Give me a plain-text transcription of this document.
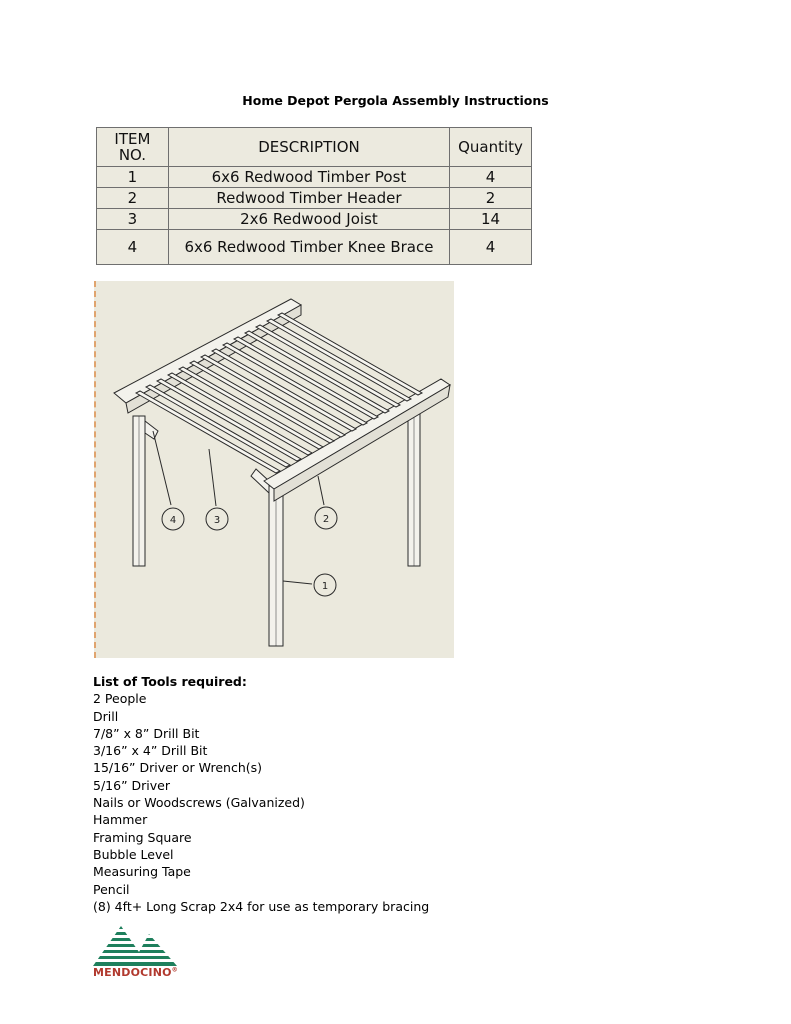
Home Depot Pergola Assembly Instructions
ITEM
NO.	DESCRIPTION	Quantity
1	6x6 Redwood Timber Post	4
2	Redwood Timber Header	2
3	2x6 Redwood Joist	14
4	6x6 Redwood Timber Knee Brace	4
1
2
3
4
List of Tools required:
2 People
Drill
7/8” x 8” Drill Bit
3/16” x 4” Drill Bit
15/16” Driver or Wrench(s)
5/16” Driver
Nails or Woodscrews (Galvanized)
Hammer
Framing Square
Bubble Level
Measuring Tape
Pencil
(8) 4ft+ Long Scrap 2x4 for use as temporary bracing
MENDOCINO®
